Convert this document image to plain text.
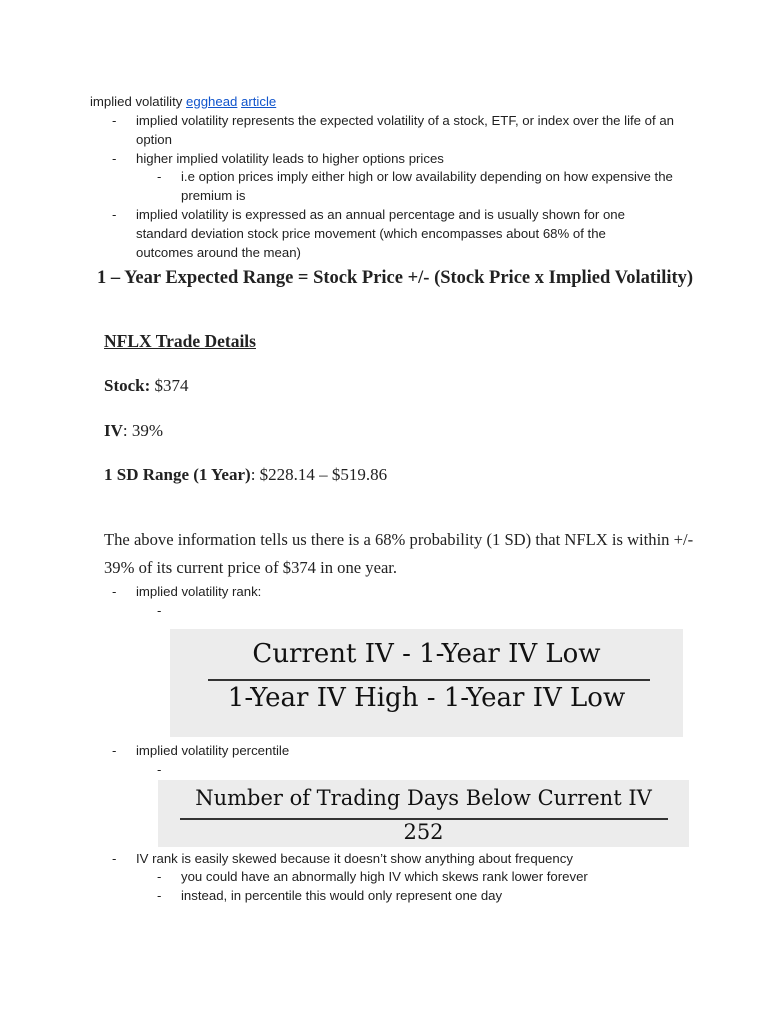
implied volatility egghead article
-	implied volatility represents the expected volatility of a stock, ETF, or index over the life of an option
-	higher implied volatility leads to higher options prices
-	i.e option prices imply either high or low availability depending on how expensive the premium is
-	implied volatility is expressed as an annual percentage and is usually shown for one standard deviation stock price movement (which encompasses about 68% of the outcomes around the mean)
1 – Year Expected Range = Stock Price +/- (Stock Price x Implied Volatility)
NFLX Trade Details
Stock: $374
IV: 39%
1 SD Range (1 Year): $228.14 – $519.86
The above information tells us there is a 68% probability (1 SD) that NFLX is within +/- 39% of its current price of $374 in one year.
-	implied volatility rank:
-
Current IV - 1-Year IV Low
1-Year IV High - 1-Year IV Low
-	implied volatility percentile
-
Number of Trading Days Below Current IV
252
-	IV rank is easily skewed because it doesn’t show anything about frequency
-	you could have an abnormally high IV which skews rank lower forever
-	instead, in percentile this would only represent one day
